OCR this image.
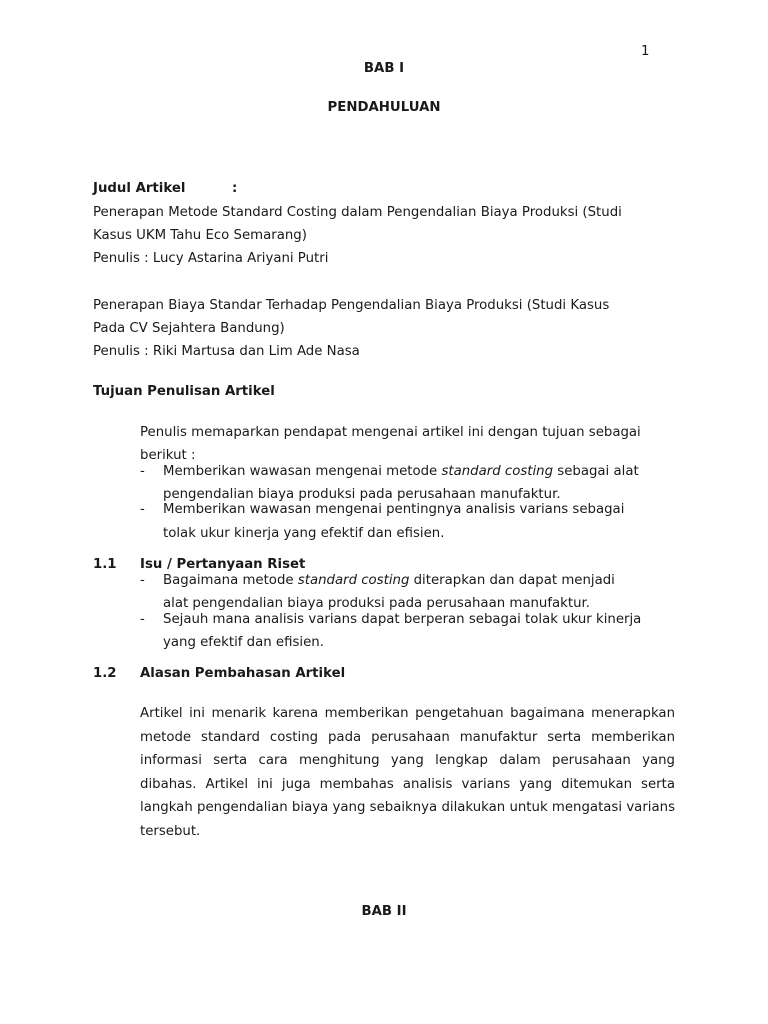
1
BAB I
PENDAHULUAN
Judul Artikel	:
Penerapan Metode Standard Costing dalam Pengendalian Biaya Produksi (Studi
Kasus UKM Tahu Eco Semarang)
Penulis : Lucy Astarina Ariyani Putri
Penerapan Biaya Standar Terhadap Pengendalian Biaya Produksi (Studi Kasus
Pada CV Sejahtera Bandung)
Penulis : Riki Martusa dan Lim Ade Nasa
Tujuan Penulisan Artikel
Penulis memaparkan pendapat mengenai artikel ini dengan tujuan sebagai
berikut :
- Memberikan wawasan mengenai metode standard costing sebagai alat
pengendalian biaya produksi pada perusahaan manufaktur.
- Memberikan wawasan mengenai pentingnya analisis varians sebagai
tolak ukur kinerja yang efektif dan efisien.
1.1 Isu / Pertanyaan Riset
- Bagaimana metode standard costing diterapkan dan dapat menjadi
alat pengendalian biaya produksi pada perusahaan manufaktur.
- Sejauh mana analisis varians dapat berperan sebagai tolak ukur kinerja
yang efektif dan efisien.
1.2 Alasan Pembahasan Artikel
Artikel ini menarik karena memberikan pengetahuan bagaimana menerapkan metode standard costing pada perusahaan manufaktur serta memberikan informasi serta cara menghitung yang lengkap dalam perusahaan yang dibahas. Artikel ini juga membahas analisis varians yang ditemukan serta langkah pengendalian biaya yang sebaiknya dilakukan untuk mengatasi varians tersebut.
BAB II
